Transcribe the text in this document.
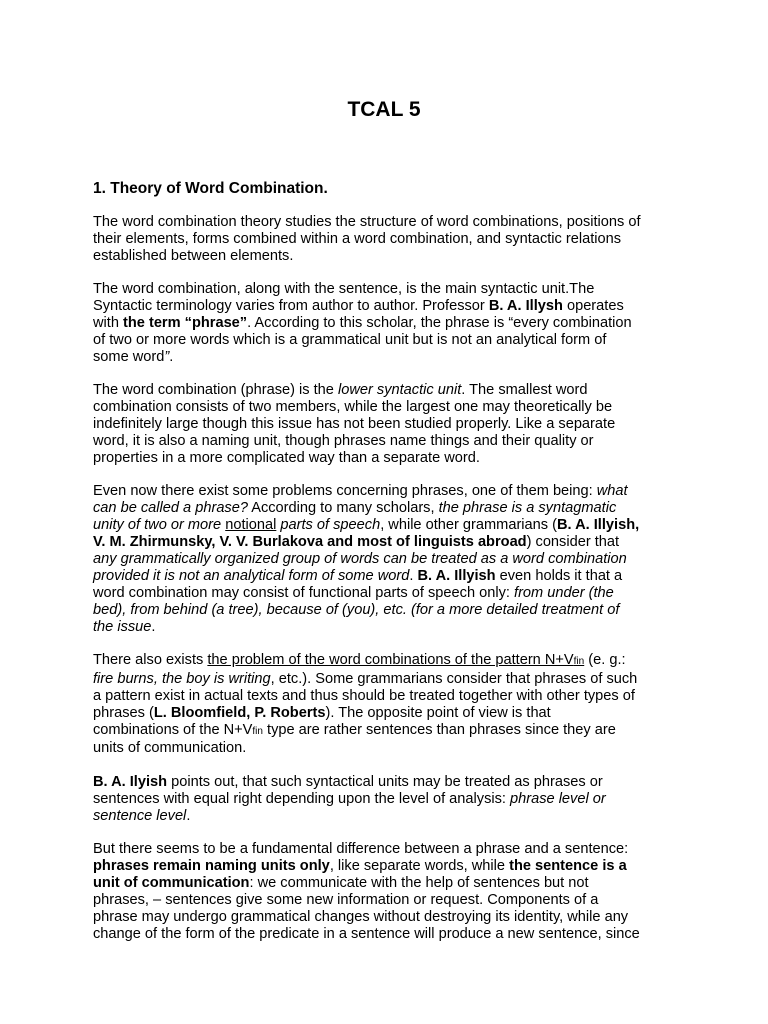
TCAL 5
1. Theory of Word Combination.

The word combination theory studies the structure of word combinations, positions of
their elements, forms combined within a word combination, and syntactic relations
established between elements.

The word combination, along with the sentence, is the main syntactic unit.The
Syntactic terminology varies from author to author. Professor B. A. Illysh operates
with the term “phrase”. According to this scholar, the phrase is “every combination
of two or more words which is a grammatical unit but is not an analytical form of
some word”.

The word combination (phrase) is the lower syntactic unit. The smallest word
combination consists of two members, while the largest one may theoretically be
indefinitely large though this issue has not been studied properly. Like a separate
word, it is also a naming unit, though phrases name things and their quality or
properties in a more complicated way than a separate word.

Even now there exist some problems concerning phrases, one of them being: what
can be called a phrase? According to many scholars, the phrase is a syntagmatic
unity of two or more notional parts of speech, while other grammarians (B. A. Illyish,
V. M. Zhirmunsky, V. V. Burlakova and most of linguists abroad) consider that
any grammatically organized group of words can be treated as a word combination
provided it is not an analytical form of some word. B. A. Illyish even holds it that a
word combination may consist of functional parts of speech only: from under (the
bed), from behind (a tree), because of (you), etc. (for a more detailed treatment of
the issue.

There also exists the problem of the word combinations of the pattern N+Vfin (e. g.:
fire burns, the boy is writing, etc.). Some grammarians consider that phrases of such
a pattern exist in actual texts and thus should be treated together with other types of
phrases (L. Bloomfield, P. Roberts). The opposite point of view is that
combinations of the N+Vfin type are rather sentences than phrases since they are
units of communication.

B. A. Ilyish points out, that such syntactical units may be treated as phrases or
sentences with equal right depending upon the level of analysis: phrase level or
sentence level.

But there seems to be a fundamental difference between a phrase and a sentence:
phrases remain naming units only, like separate words, while the sentence is a
unit of communication: we communicate with the help of sentences but not
phrases, – sentences give some new information or request. Components of a
phrase may undergo grammatical changes without destroying its identity, while any
change of the form of the predicate in a sentence will produce a new sentence, since
